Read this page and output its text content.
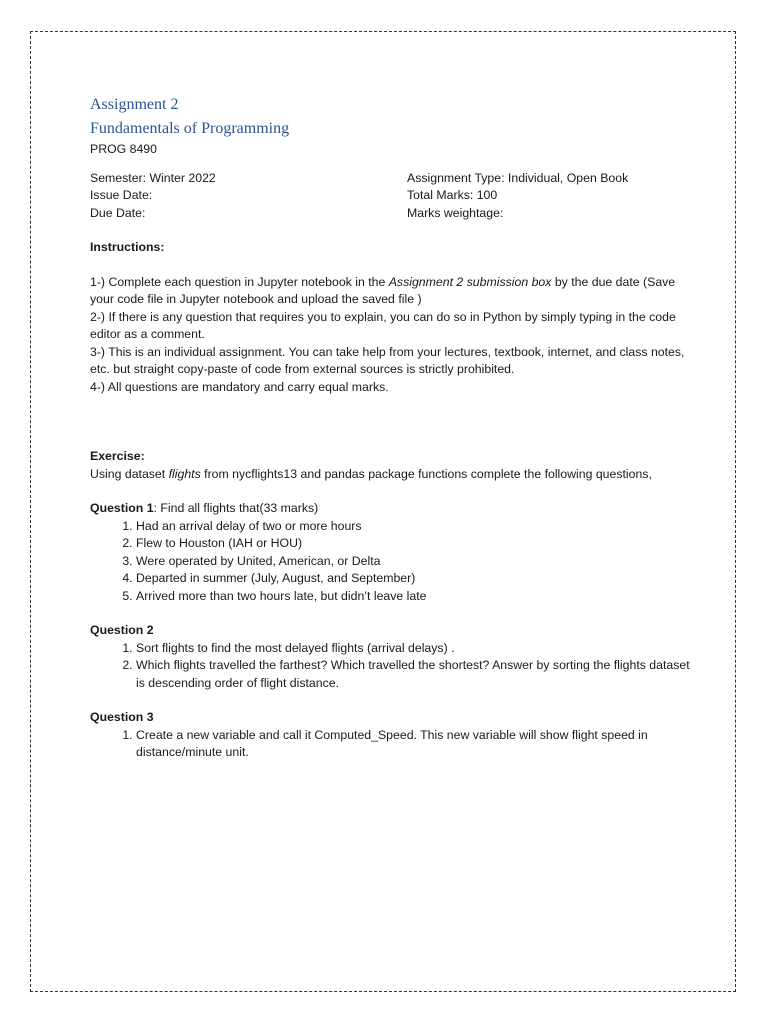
Assignment 2
Fundamentals of Programming
PROG 8490
Semester: Winter 2022	Assignment Type: Individual, Open Book
Issue Date:	Total Marks: 100
Due Date:	Marks weightage:
Instructions:

1-) Complete each question in Jupyter notebook in the Assignment 2 submission box by the due date (Save your code file in Jupyter notebook and upload the saved file )

2-) If there is any question that requires you to explain, you can do so in Python by simply typing in the code editor as a comment.

3-) This is an individual assignment. You can take help from your lectures, textbook, internet, and class notes, etc. but straight copy-paste of code from external sources is strictly prohibited.

4-) All questions are mandatory and carry equal marks.

Exercise:

Using dataset flights from nycflights13 and pandas package functions complete the following questions,

Question 1: Find all flights that(33 marks)

1. Had an arrival delay of two or more hours
2. Flew to Houston (IAH or HOU)
3. Were operated by United, American, or Delta
4. Departed in summer (July, August, and September)
5. Arrived more than two hours late, but didn’t leave late
Question 2
1. Sort flights to find the most delayed flights (arrival delays) .
2. Which flights travelled the farthest? Which travelled the shortest? Answer by sorting the flights dataset is descending order of flight distance.
Question 3
1. Create a new variable and call it Computed_Speed. This new variable will show flight speed in distance/minute unit.
